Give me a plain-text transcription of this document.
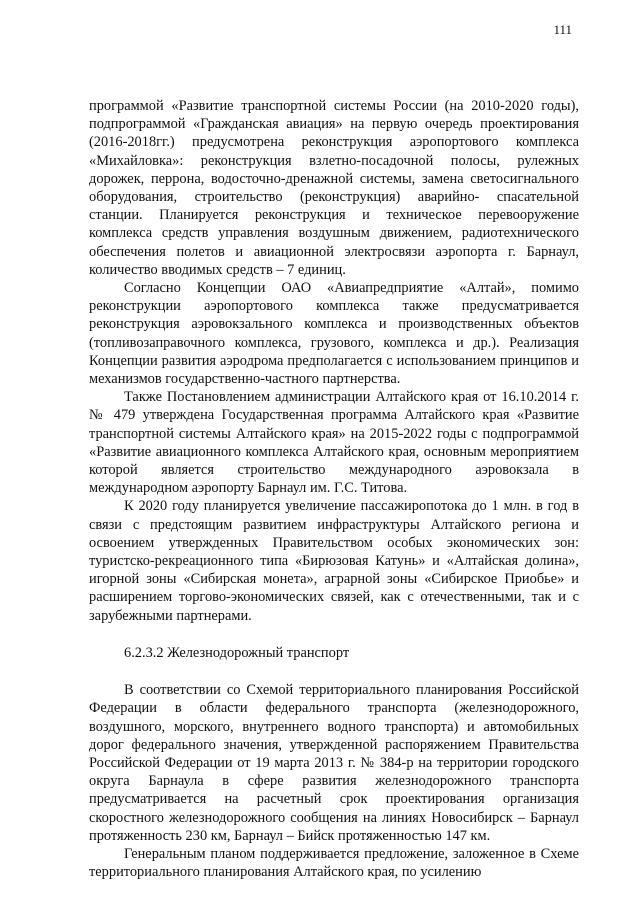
111

программой «Развитие транспортной системы России (на 2010-2020 годы), подпрограммой «Гражданская авиация» на первую очередь проектирования (2016-2018гг.) предусмотрена реконструкция аэропортового комплекса «Михайловка»: реконструкция взлетно-посадочной полосы, рулежных дорожек, перрона, водосточно-дренажной системы, замена светосигнального оборудования, строительство (реконструкция) аварийно- спасательной станции. Планируется реконструкция и техническое перевооружение комплекса средств управления воздушным движением, радиотехнического обеспечения полетов и авиационной электросвязи аэропорта г. Барнаул, количество вводимых средств – 7 единиц.

Согласно Концепции ОАО «Авиапредприятие «Алтай», помимо реконструкции аэропортового комплекса также предусматривается реконструкция аэровокзального комплекса и производственных объектов (топливозаправочного комплекса, грузового, комплекса и др.). Реализация Концепции развития аэродрома предполагается с использованием принципов и механизмов государственно-частного партнерства.

Также Постановлением администрации Алтайского края от 16.10.2014 г. № 479 утверждена Государственная программа Алтайского края «Развитие транспортной системы Алтайского края» на 2015-2022 годы с подпрограммой «Развитие авиационного комплекса Алтайского края, основным мероприятием которой является строительство международного аэровокзала в международном аэропорту Барнаул им. Г.С. Титова.

К 2020 году планируется увеличение пассажиропотока до 1 млн. в год в связи с предстоящим развитием инфраструктуры Алтайского региона и освоением утвержденных Правительством особых экономических зон: туристско-рекреационного типа «Бирюзовая Катунь» и «Алтайская долина», игорной зоны «Сибирская монета», аграрной зоны «Сибирское Приобье» и расширением торгово-экономических связей, как с отечественными, так и с зарубежными партнерами.

6.2.3.2 Железнодорожный транспорт

В соответствии со Схемой территориального планирования Российской Федерации в области федерального транспорта (железнодорожного, воздушного, морского, внутреннего водного транспорта) и автомобильных дорог федерального значения, утвержденной распоряжением Правительства Российской Федерации от 19 марта 2013 г. № 384-р на территории городского округа Барнаула в сфере развития железнодорожного транспорта предусматривается на расчетный срок проектирования организация скоростного железнодорожного сообщения на линиях Новосибирск – Барнаул протяженность 230 км, Барнаул – Бийск протяженностью 147 км.

Генеральным планом поддерживается предложение, заложенное в Схеме территориального планирования Алтайского края, по усилению
